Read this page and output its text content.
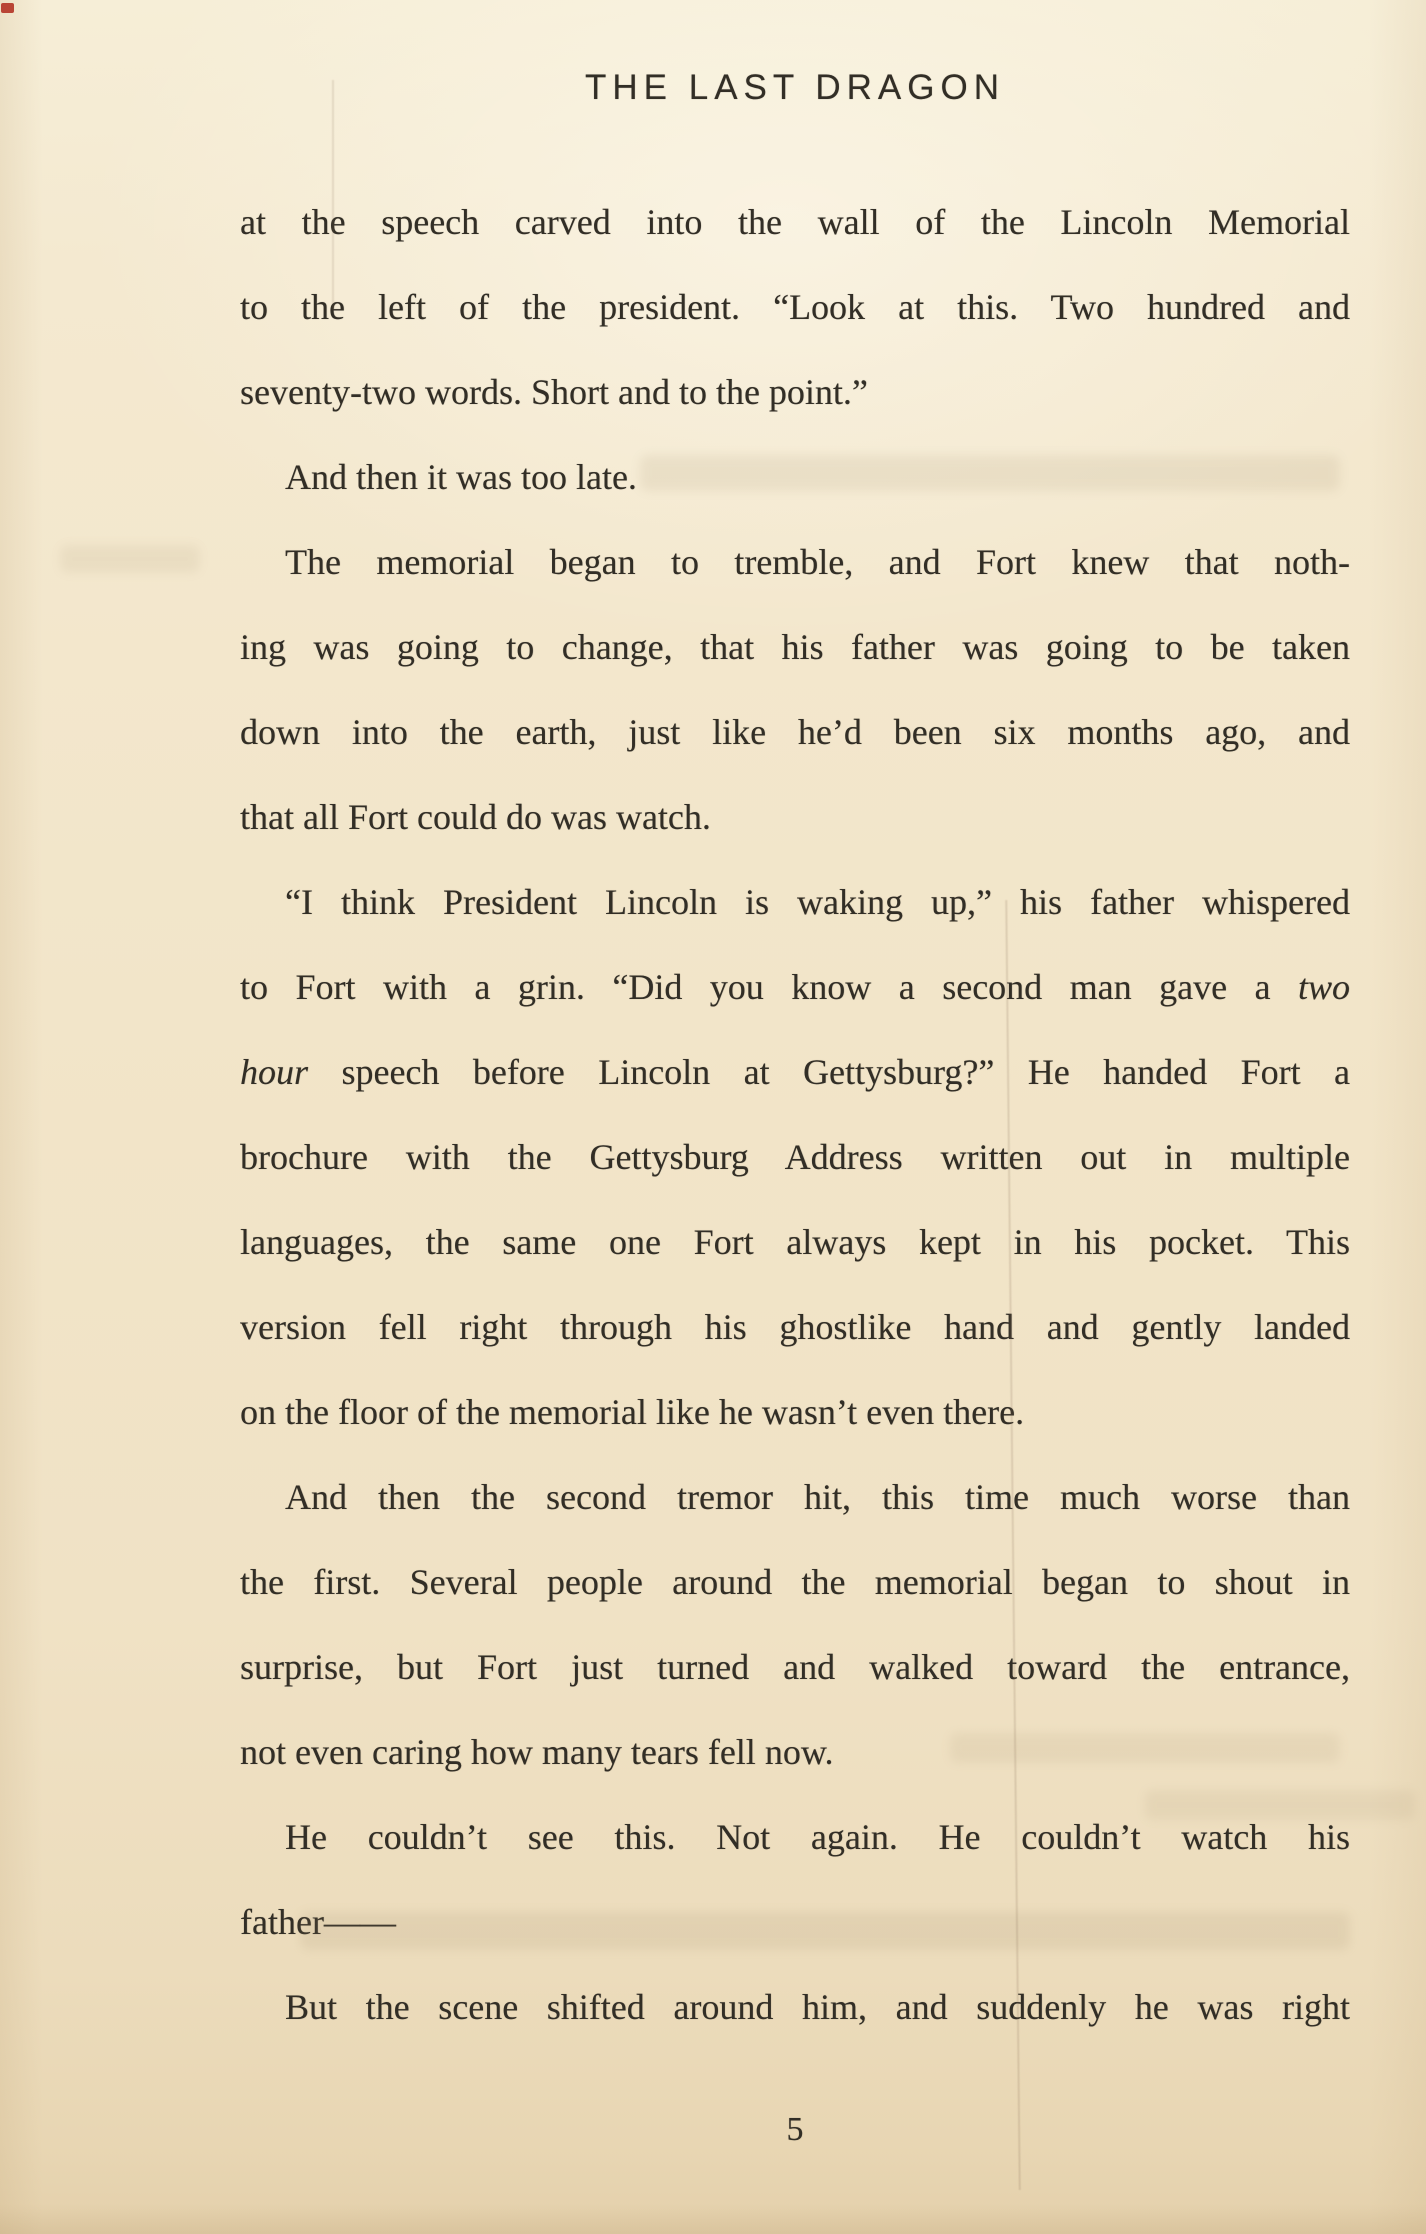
THE LAST DRAGON
at the speech carved into the wall of the Lincoln Memorial
to the left of the president. “Look at this. Two hundred and
seventy-two words. Short and to the point.”
And then it was too late.
The memorial began to tremble, and Fort knew that noth-
ing was going to change, that his father was going to be taken
down into the earth, just like he’d been six months ago, and
that all Fort could do was watch.
“I think President Lincoln is waking up,” his father whispered
to Fort with a grin. “Did you know a second man gave a two
hour speech before Lincoln at Gettysburg?” He handed Fort a
brochure with the Gettysburg Address written out in multiple
languages, the same one Fort always kept in his pocket. This
version fell right through his ghostlike hand and gently landed
on the floor of the memorial like he wasn’t even there.
And then the second tremor hit, this time much worse than
the first. Several people around the memorial began to shout in
surprise, but Fort just turned and walked toward the entrance,
not even caring how many tears fell now.
He couldn’t see this. Not again. He couldn’t watch his
father——
But the scene shifted around him, and suddenly he was right
5
